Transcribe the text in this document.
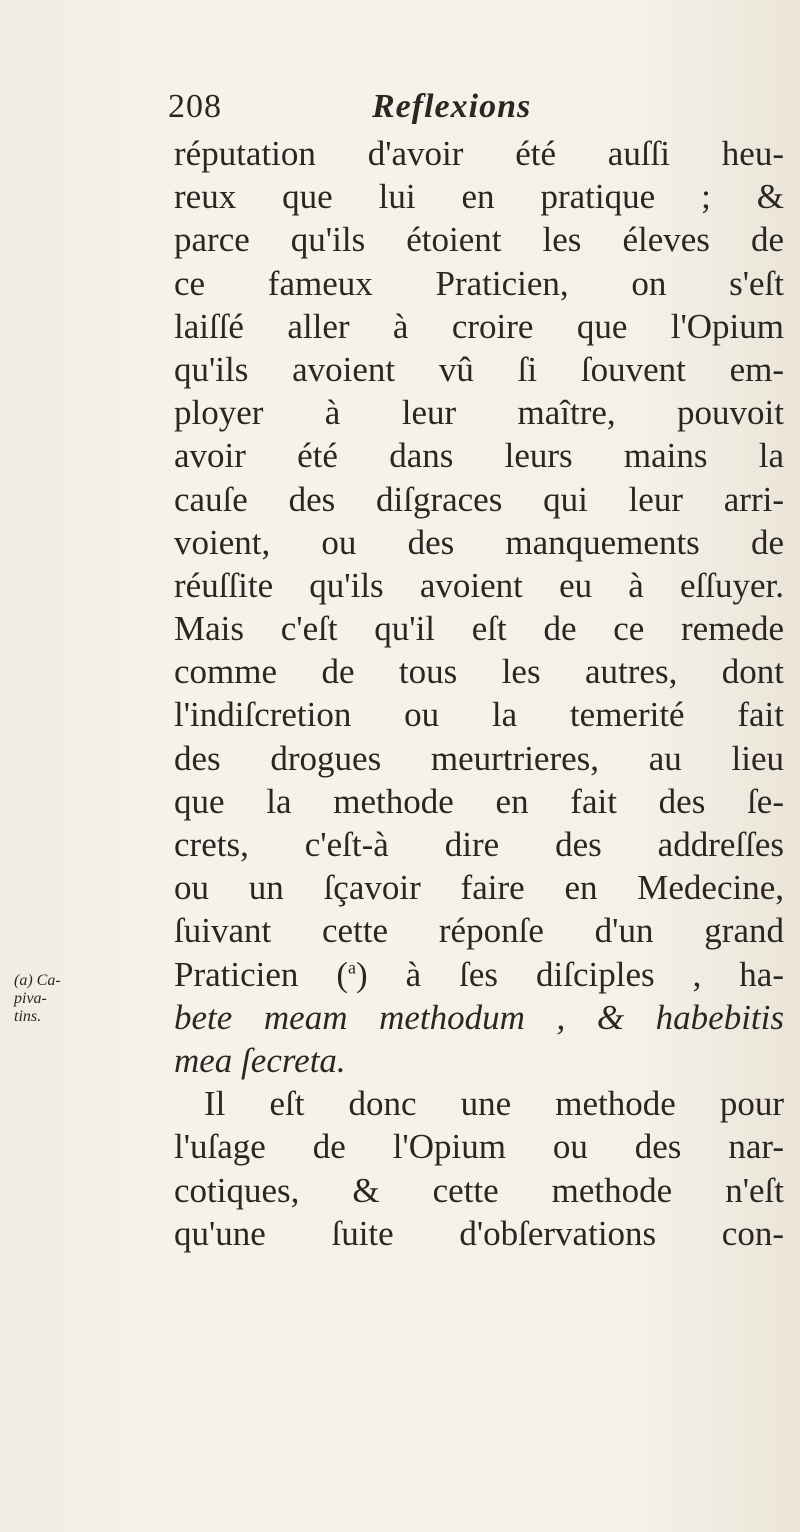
208	Reflexions
(a) Ca-
piva-
tins.
réputation d'avoir été auſſi heu-
reux que lui en pratique ; &
parce qu'ils étoient les éleves de
ce fameux Praticien, on s'eſt
laiſſé aller à croire que l'Opium
qu'ils avoient vû ſi ſouvent em-
ployer à leur maître, pouvoit
avoir été dans leurs mains la
cauſe des diſgraces qui leur arri-
voient, ou des manquements de
réuſſite qu'ils avoient eu à eſſuyer.
Mais c'eſt qu'il eſt de ce remede
comme de tous les autres, dont
l'indiſcretion ou la temerité fait
des drogues meurtrieres, au lieu
que la methode en fait des ſe-
crets, c'eſt-à dire des addreſſes
ou un ſçavoir faire en Medecine,
ſuivant cette réponſe d'un grand
Praticien ($^a$) à ſes diſciples , ha-
bete meam methodum , & habebitis
mea ſecreta.
Il eſt donc une methode pour
l'uſage de l'Opium ou des nar-
cotiques, & cette methode n'eſt
qu'une ſuite d'obſervations con-
